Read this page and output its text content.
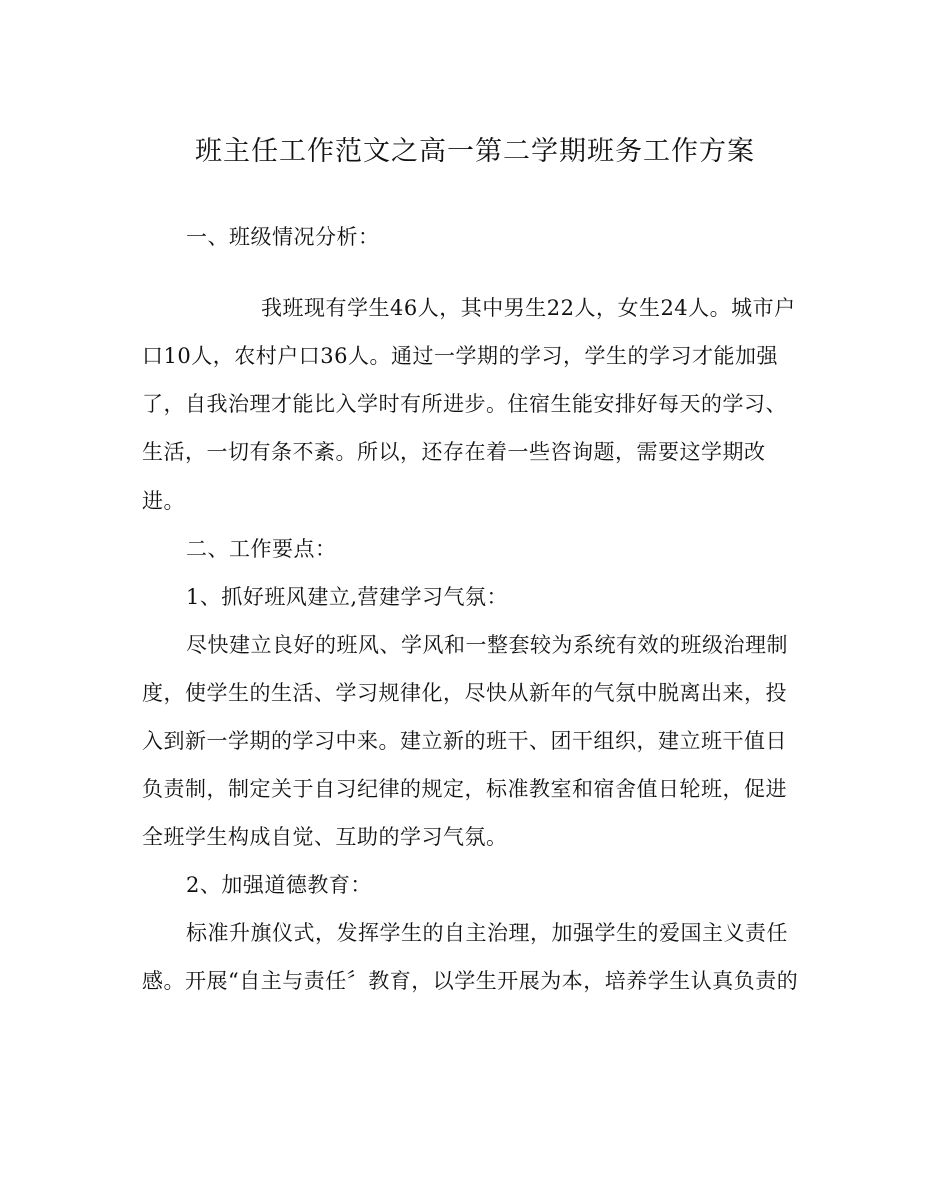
班主任工作范文之高一第二学期班务工作方案
一、班级情况分析：
我班现有学生46人，其中男生22人，女生24人。城市户
口10人，农村户口36人。通过一学期的学习，学生的学习才能加强
了，自我治理才能比入学时有所进步。住宿生能安排好每天的学习、
生活，一切有条不紊。所以，还存在着一些咨询题，需要这学期改
进。
二、工作要点：
1、抓好班风建立,营建学习气氛：
尽快建立良好的班风、学风和一整套较为系统有效的班级治理制
度，使学生的生活、学习规律化，尽快从新年的气氛中脱离出来，投
入到新一学期的学习中来。建立新的班干、团干组织，建立班干值日
负责制，制定关于自习纪律的规定，标准教室和宿舍值日轮班，促进
全班学生构成自觉、互助的学习气氛。
2、加强道德教育：
标准升旗仪式，发挥学生的自主治理，加强学生的爱国主义责任
感。开展“自主与责任〞教育，以学生开展为本，培养学生认真负责的
